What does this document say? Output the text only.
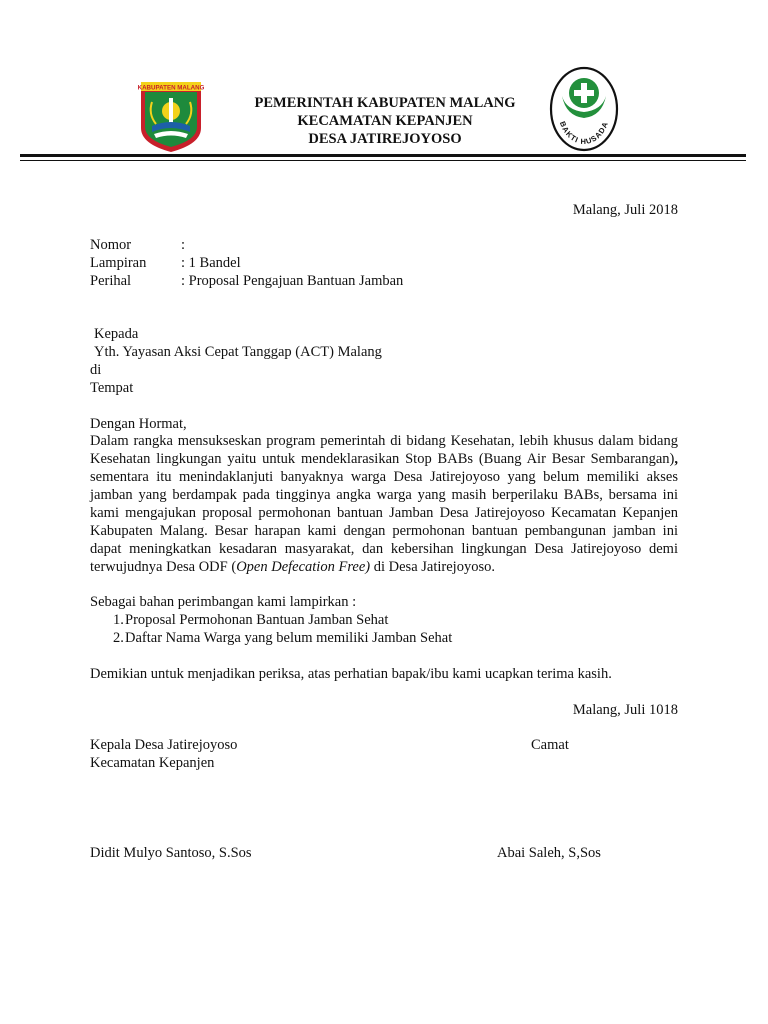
KABUPATEN MALANG
PEMERINTAH KABUPATEN MALANG
KECAMATAN KEPANJEN
DESA JATIREJOYOSO
BAKTI HUSADA
Malang, Juli 2018
Nomor	:
Lampiran : 1 Bandel
Perihal	: Proposal Pengajuan Bantuan Jamban
Kepada
Yth. Yayasan Aksi Cepat Tanggap (ACT) Malang
di
Tempat
Dengan Hormat,
Dalam rangka mensukseskan program pemerintah di bidang Kesehatan, lebih khusus dalam bidang Kesehatan lingkungan yaitu untuk mendeklarasikan Stop BABs (Buang Air Besar Sembarangan), sementara itu menindaklanjuti banyaknya warga Desa Jatirejoyoso yang belum memiliki akses jamban yang berdampak pada tingginya angka warga yang masih berperilaku BABs, bersama ini kami mengajukan proposal permohonan bantuan Jamban Desa Jatirejoyoso Kecamatan Kepanjen Kabupaten Malang. Besar harapan kami dengan permohonan bantuan pembangunan jamban ini dapat meningkatkan kesadaran masyarakat, dan kebersihan lingkungan Desa Jatirejoyoso demi terwujudnya Desa ODF (Open Defecation Free) di Desa Jatirejoyoso.
Sebagai bahan perimbangan kami lampirkan :
1.Proposal Permohonan Bantuan Jamban Sehat
2.Daftar Nama Warga yang belum memiliki Jamban Sehat
Demikian untuk menjadikan periksa, atas perhatian bapak/ibu kami ucapkan terima kasih.
Malang, Juli 1018
Kepala Desa Jatirejoyoso
Kecamatan Kepanjen
Camat
Didit Mulyo Santoso, S.Sos	Abai Saleh, S,Sos
